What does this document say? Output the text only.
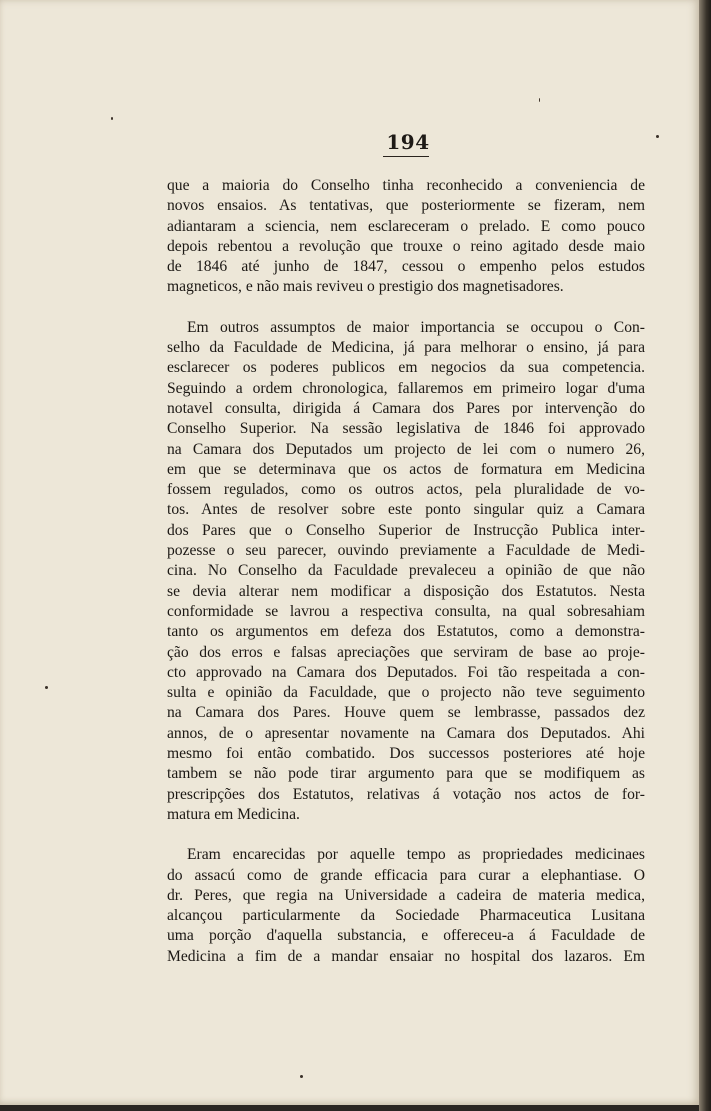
194

que a maioria do Conselho tinha reconhecido a conveniencia de
novos ensaios. As tentativas, que posteriormente se fizeram, nem
adiantaram a sciencia, nem esclareceram o prelado. E como pouco
depois rebentou a revolução que trouxe o reino agitado desde maio
de 1846 até junho de 1847, cessou o empenho pelos estudos
magneticos, e não mais reviveu o prestigio dos magnetisadores.

Em outros assumptos de maior importancia se occupou o Con-
selho da Faculdade de Medicina, já para melhorar o ensino, já para
esclarecer os poderes publicos em negocios da sua competencia.
Seguindo a ordem chronologica, fallaremos em primeiro logar d'uma
notavel consulta, dirigida á Camara dos Pares por intervenção do
Conselho Superior. Na sessão legislativa de 1846 foi approvado
na Camara dos Deputados um projecto de lei com o numero 26,
em que se determinava que os actos de formatura em Medicina
fossem regulados, como os outros actos, pela pluralidade de vo-
tos. Antes de resolver sobre este ponto singular quiz a Camara
dos Pares que o Conselho Superior de Instrucção Publica inter-
pozesse o seu parecer, ouvindo previamente a Faculdade de Medi-
cina. No Conselho da Faculdade prevaleceu a opinião de que não
se devia alterar nem modificar a disposição dos Estatutos. Nesta
conformidade se lavrou a respectiva consulta, na qual sobresahiam
tanto os argumentos em defeza dos Estatutos, como a demonstra-
ção dos erros e falsas apreciações que serviram de base ao proje-
cto approvado na Camara dos Deputados. Foi tão respeitada a con-
sulta e opinião da Faculdade, que o projecto não teve seguimento
na Camara dos Pares. Houve quem se lembrasse, passados dez
annos, de o apresentar novamente na Camara dos Deputados. Ahi
mesmo foi então combatido. Dos successos posteriores até hoje
tambem se não pode tirar argumento para que se modifiquem as
prescripções dos Estatutos, relativas á votação nos actos de for-
matura em Medicina.

Eram encarecidas por aquelle tempo as propriedades medicinaes
do assacú como de grande efficacia para curar a elephantiase. O
dr. Peres, que regia na Universidade a cadeira de materia medica,
alcançou particularmente da Sociedade Pharmaceutica Lusitana
uma porção d'aquella substancia, e offereceu-a á Faculdade de
Medicina a fim de a mandar ensaiar no hospital dos lazaros. Em
